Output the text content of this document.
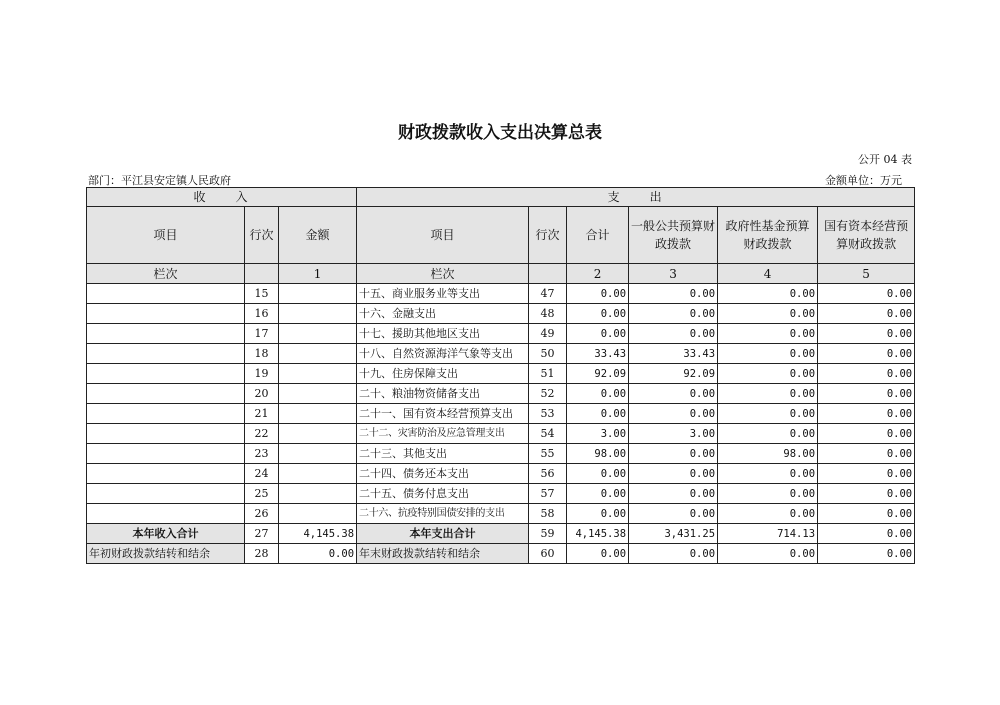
财政拨款收入支出决算总表
公开 04 表
部门：平江县安定镇人民政府	金额单位：万元
收　　入			支　　出					
项目	行次	金额	项目	行次	合计	一般公共预算财政拨款	政府性基金预算财政拨款	国有资本经营预算财政拨款
栏次		1	栏次		2	3	4	5
	15		十五、商业服务业等支出	47	0.00	0.00	0.00	0.00
	16		十六、金融支出	48	0.00	0.00	0.00	0.00
	17		十七、援助其他地区支出	49	0.00	0.00	0.00	0.00
	18		十八、自然资源海洋气象等支出	50	33.43	33.43	0.00	0.00
	19		十九、住房保障支出	51	92.09	92.09	0.00	0.00
	20		二十、粮油物资储备支出	52	0.00	0.00	0.00	0.00
	21		二十一、国有资本经营预算支出	53	0.00	0.00	0.00	0.00
	22		二十二、灾害防治及应急管理支出	54	3.00	3.00	0.00	0.00
	23		二十三、其他支出	55	98.00	0.00	98.00	0.00
	24		二十四、债务还本支出	56	0.00	0.00	0.00	0.00
	25		二十五、债务付息支出	57	0.00	0.00	0.00	0.00
	26		二十六、抗疫特别国债安排的支出	58	0.00	0.00	0.00	0.00
本年收入合计	27	4,145.38	本年支出合计	59	4,145.38	3,431.25	714.13	0.00
年初财政拨款结转和结余	28	0.00	年末财政拨款结转和结余	60	0.00	0.00	0.00	0.00
